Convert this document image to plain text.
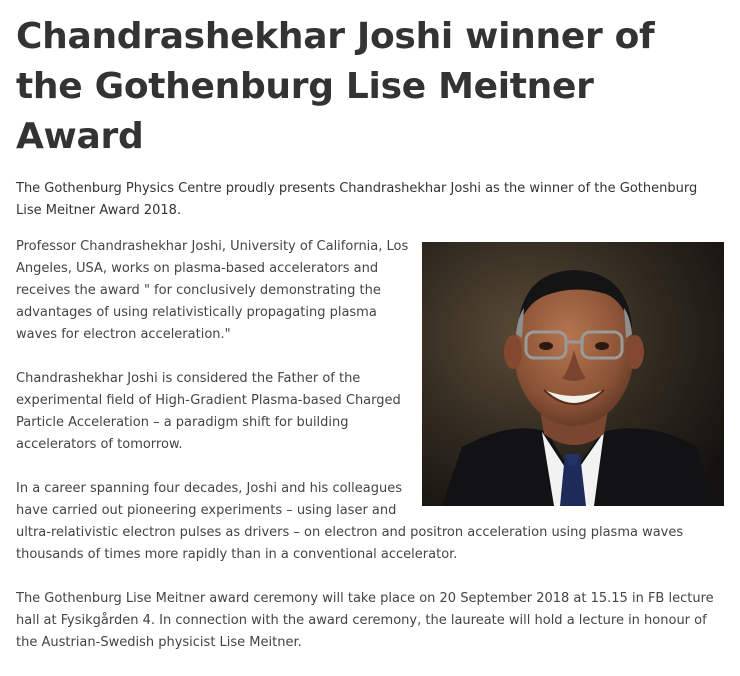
Chandrashekhar Joshi winner of the Gothenburg Lise Meitner Award

The Gothenburg Physics Centre proudly presents Chandrashekhar Joshi as the winner of the Gothenburg Lise Meitner Award 2018.

Professor Chandrashekhar Joshi, University of California, Los Angeles, USA, works on plasma-based accelerators and receives the award " for conclusively demonstrating the advantages of using relativistically propagating plasma waves for electron acceleration."

Chandrashekhar Joshi is considered the Father of the experimental field of High-Gradient Plasma-based Charged Particle Acceleration – a paradigm shift for building accelerators of tomorrow.

In a career spanning four decades, Joshi and his colleagues have carried out pioneering experiments – using laser and ultra-relativistic electron pulses as drivers – on electron and positron acceleration using plasma waves thousands of times more rapidly than in a conventional accelerator.

The Gothenburg Lise Meitner award ceremony will take place on 20 September 2018 at 15.15 in FB lecture hall at Fysikgården 4. In connection with the award ceremony, the laureate will hold a lecture in honour of the Austrian-Swedish physicist Lise Meitner.
